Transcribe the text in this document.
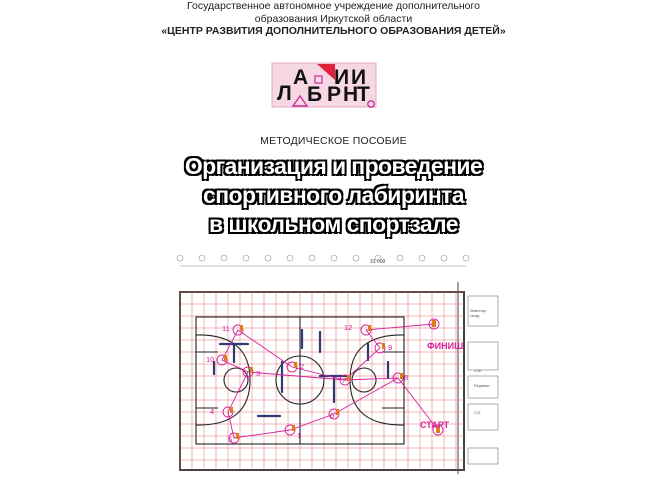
Государственное автономное учреждение дополнительного
образования Иркутской области
«ЦЕНТР РАЗВИТИЯ ДОПОЛНИТЕЛЬНОГО ОБРАЗОВАНИЯ ДЕТЕЙ»
Л
А
Б
И
Р Т
Н
И
МЕТОДИЧЕСКОЕ ПОСОБИЕ
Организация и проведение
спортивного лабиринта
в школьном спортзале
31 000
Инвентар.
склад
2,06
Раздевал.
2,01
1
2
3
4
5
6
7	8
9
10
11	12
ФИНИШ
СТАРТ
